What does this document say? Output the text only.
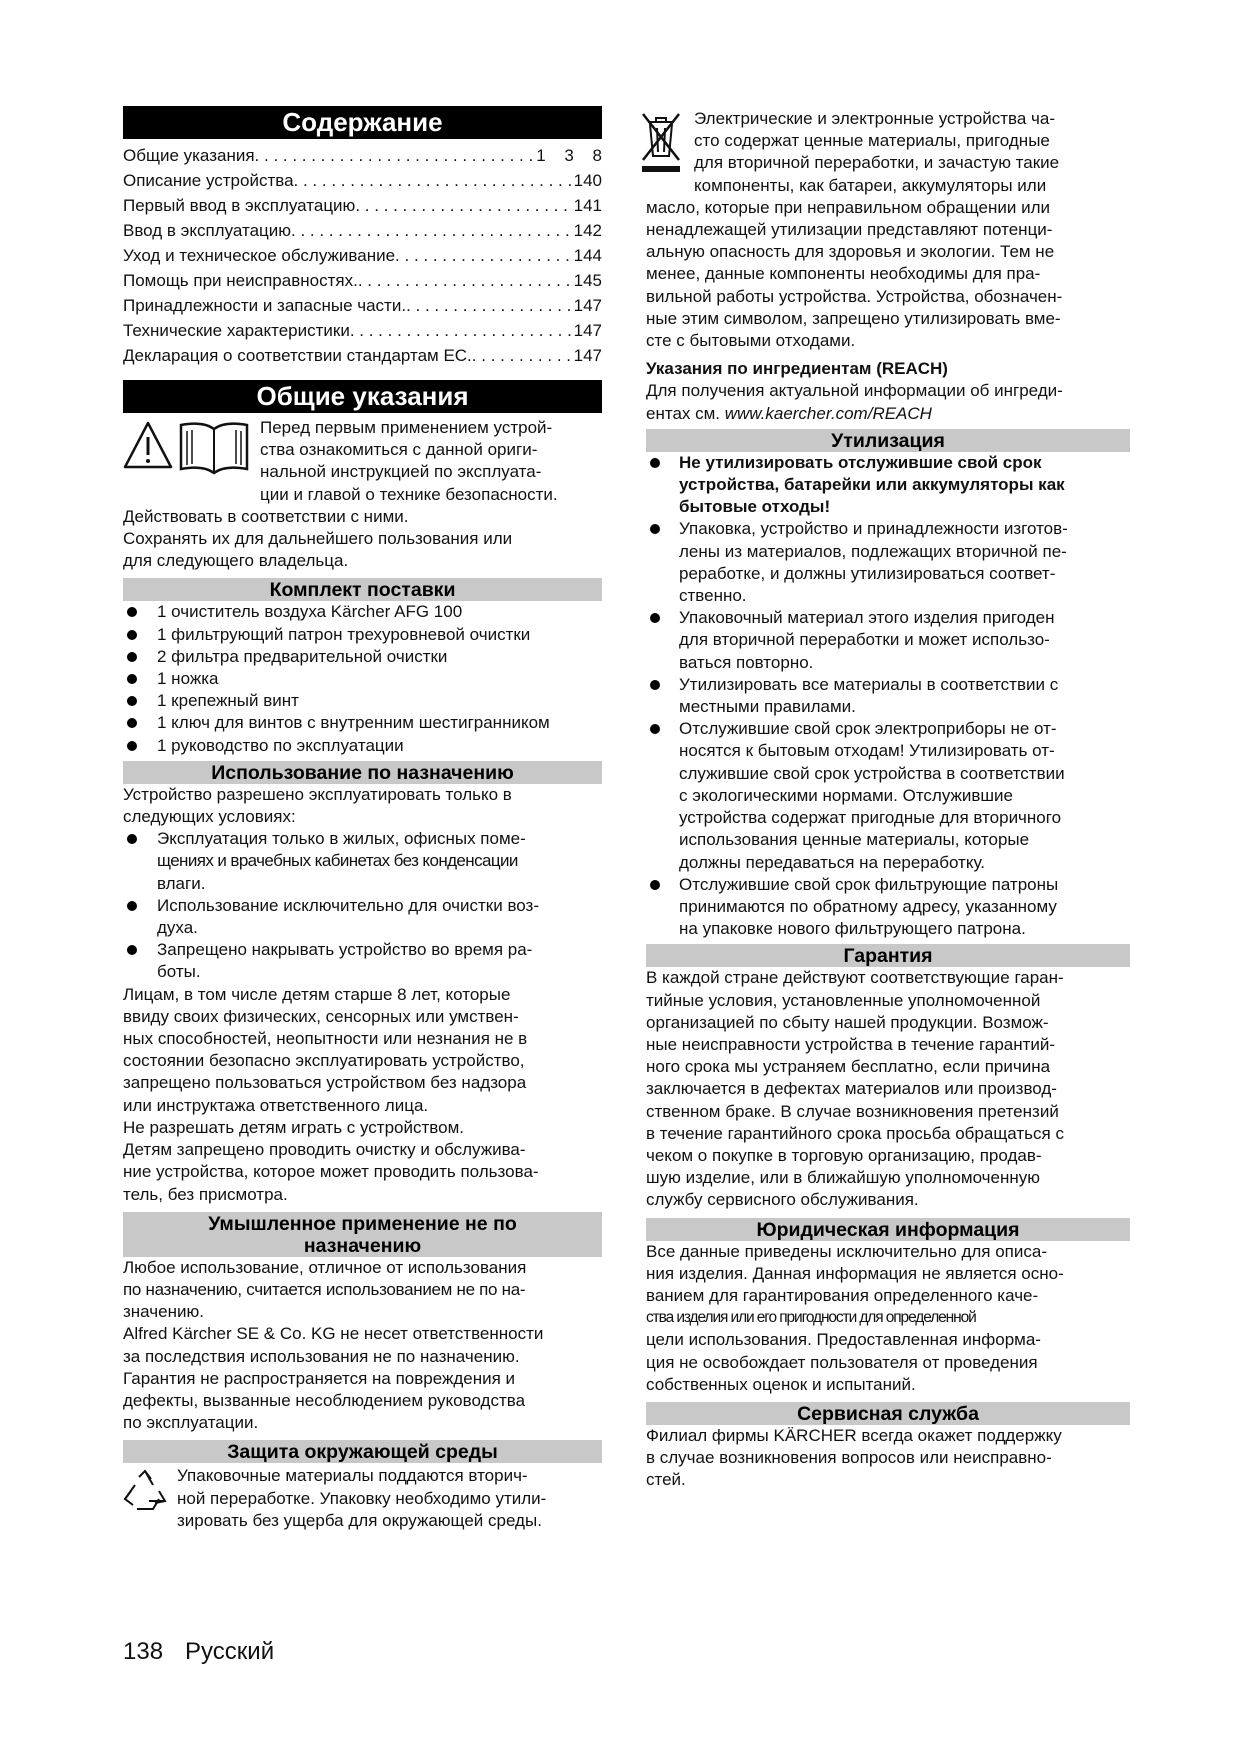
Содержание
Общие указания . . .	1 3 8
Описание устройства . . .	140
Первый ввод в эксплуатацию . . .	141
Ввод в эксплуатацию . . .	142
Уход и техническое обслуживание . . .	144
Помощь при неисправностях. . . .	145
Принадлежности и запасные части. . . .	147
Технические характеристики . . .	147
Декларация о соответствии стандартам ЕС. . . .	147
Общие указания

Перед первым применением устрой-

ства ознакомиться с данной ориги-

нальной инструкцией по эксплуата-

ции и главой о технике безопасности.

Действовать в соответствии с ними.

Сохранять их для дальнейшего пользования или

для следующего владельца.

Комплект поставки
1 очиститель воздуха Kärcher AFG 100
1 фильтрующий патрон трехуровневой очистки
2 фильтра предварительной очистки
1 ножка
1 крепежный винт
1 ключ для винтов с внутренним шестигранником
1 руководство по эксплуатации
Использование по назначению

Устройство разрешено эксплуатировать только в

следующих условиях:

Эксплуатация только в жилых, офисных поме-
щениях и врачебных кабинетах без конденсации
влаги.
Использование исключительно для очистки воз-
духа.
Запрещено накрывать устройство во время ра-
боты.

Лицам, в том числе детям старше 8 лет, которые

ввиду своих физических, сенсорных или умствен-

ных способностей, неопытности или незнания не в

состоянии безопасно эксплуатировать устройство,

запрещено пользоваться устройством без надзора

или инструктажа ответственного лица.

Не разрешать детям играть с устройством.

Детям запрещено проводить очистку и обслужива-

ние устройства, которое может проводить пользова-

тель, без присмотра.

Умышленное применение не по
назначению

Любое использование, отличное от использования

по назначению, считается использованием не по на-

значению.

Alfred Kärcher SE & Co. KG не несет ответственности

за последствия использования не по назначению.

Гарантия не распространяется на повреждения и

дефекты, вызванные несоблюдением руководства

по эксплуатации.

Защита окружающей среды

Упаковочные материалы поддаются вторич-

ной переработке. Упаковку необходимо утили-

зировать без ущерба для окружающей среды.

Электрические и электронные устройства ча-

сто содержат ценные материалы, пригодные

для вторичной переработки, и зачастую такие

компоненты, как батареи, аккумуляторы или

масло, которые при неправильном обращении или

ненадлежащей утилизации представляют потенци-

альную опасность для здоровья и экологии. Тем не

менее, данные компоненты необходимы для пра-

вильной работы устройства. Устройства, обозначен-

ные этим символом, запрещено утилизировать вме-

сте с бытовыми отходами.

Указания по ингредиентам (REACH)

Для получения актуальной информации об ингреди-

ентах см. www.kaercher.com/REACH

Утилизация
Не утилизировать отслужившие свой срок
устройства, батарейки или аккумуляторы как
бытовые отходы!
Упаковка, устройство и принадлежности изготов-
лены из материалов, подлежащих вторичной пе-
реработке, и должны утилизироваться соответ-
ственно.
Упаковочный материал этого изделия пригоден
для вторичной переработки и может использо-
ваться повторно.
Утилизировать все материалы в соответствии с
местными правилами.
Отслужившие свой срок электроприборы не от-
носятся к бытовым отходам! Утилизировать от-
служившие свой срок устройства в соответствии
с экологическими нормами. Отслужившие
устройства содержат пригодные для вторичного
использования ценные материалы, которые
должны передаваться на переработку.
Отслужившие свой срок фильтрующие патроны
принимаются по обратному адресу, указанному
на упаковке нового фильтрующего патрона.
Гарантия

В каждой стране действуют соответствующие гаран-

тийные условия, установленные уполномоченной

организацией по сбыту нашей продукции. Возмож-

ные неисправности устройства в течение гарантий-

ного срока мы устраняем бесплатно, если причина

заключается в дефектах материалов или производ-

ственном браке. В случае возникновения претензий

в течение гарантийного срока просьба обращаться с

чеком о покупке в торговую организацию, продав-

шую изделие, или в ближайшую уполномоченную

службу сервисного обслуживания.

Юридическая информация

Все данные приведены исключительно для описа-

ния изделия. Данная информация не является осно-

ванием для гарантирования определенного каче-

ства изделия или его пригодности для определенной

цели использования. Предоставленная информа-

ция не освобождает пользователя от проведения

собственных оценок и испытаний.

Сервисная служба

Филиал фирмы KÄRCHER всегда окажет поддержку

в случае возникновения вопросов или неисправно-

стей.

138 Русский
